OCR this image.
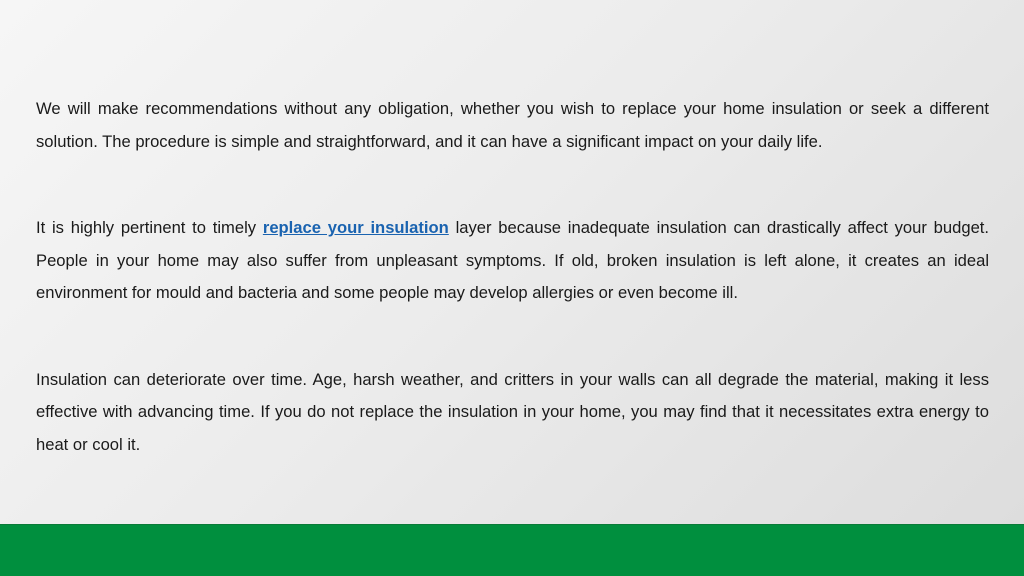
We will make recommendations without any obligation, whether you wish to replace your home insulation or seek a different solution. The procedure is simple and straightforward, and it can have a significant impact on your daily life.

It is highly pertinent to timely replace your insulation layer because inadequate insulation can drastically affect your budget. People in your home may also suffer from unpleasant symptoms. If old, broken insulation is left alone, it creates an ideal environment for mould and bacteria and some people may develop allergies or even become ill.

Insulation can deteriorate over time. Age, harsh weather, and critters in your walls can all degrade the material, making it less effective with advancing time. If you do not replace the insulation in your home, you may find that it necessitates extra energy to heat or cool it.
